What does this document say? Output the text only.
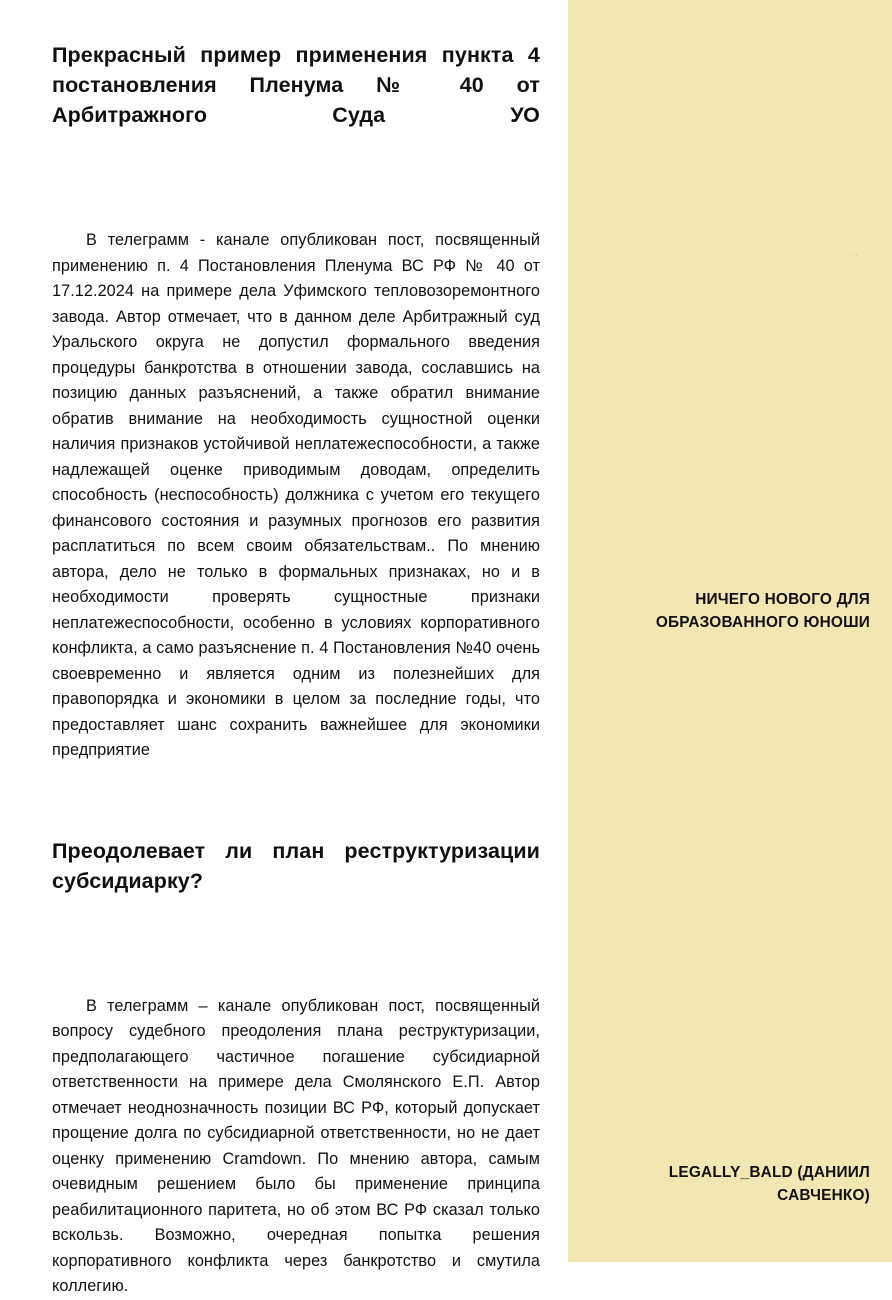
Прекрасный пример применения пункта 4 постановления Пленума № 40 от Арбитражного Суда УО

В телеграмм - канале опубликован пост, посвященный применению п. 4 Постановления Пленума ВС РФ № 40 от 17.12.2024 на примере дела Уфимского тепловозоремонтного завода. Автор отмечает, что в данном деле Арбитражный суд Уральского округа не допустил формального введения процедуры банкротства в отношении завода, сославшись на позицию данных разъяснений, а также обратил внимание обратив внимание на необходимость сущностной оценки наличия признаков устойчивой неплатежеспособности, а также надлежащей оценке приводимым доводам, определить способность (неспособность) должника с учетом его текущего финансового состояния и разумных прогнозов его развития расплатиться по всем своим обязательствам.. По мнению автора, дело не только в формальных признаках, но и в необходимости проверять сущностные признаки неплатежеспособности, особенно в условиях корпоративного конфликта, а само разъяснение п. 4 Постановления №40 очень своевременно и является одним из полезнейших для правопорядка и экономики в целом за последние годы, что предоставляет шанс сохранить важнейшее для экономики предприятие

Преодолевает ли план реструктуризации субсидиарку?

В телеграмм – канале опубликован пост, посвященный вопросу судебного преодоления плана реструктуризации, предполагающего частичное погашение субсидиарной ответственности на примере дела Смолянского Е.П. Автор отмечает неоднозначность позиции ВС РФ, который допускает прощение долга по субсидиарной ответственности, но не дает оценку применению Cramdown. По мнению автора, самым очевидным решением было бы применение принципа реабилитационного паритета, но об этом ВС РФ сказал только вскользь. Возможно, очередная попытка решения корпоративного конфликта через банкротство и смутила коллегию.

..
НИЧЕГО НОВОГО ДЛЯ ОБРАЗОВАННОГО ЮНОШИ
LEGALLY_BALD (ДАНИИЛ САВЧЕНКО)
